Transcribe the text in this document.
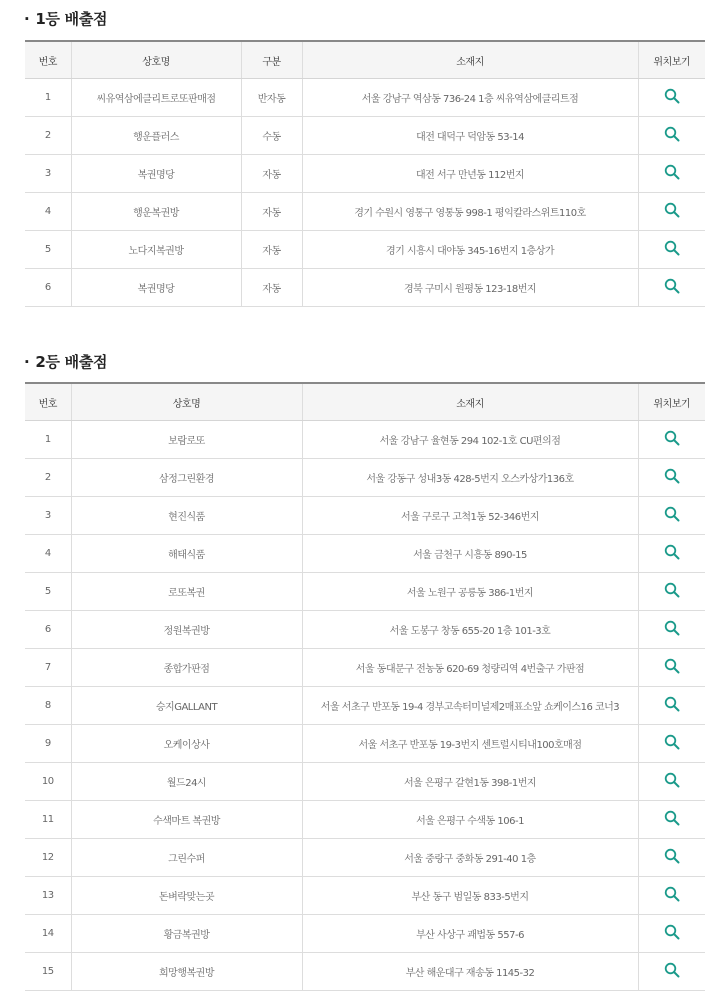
· 1등 배출점
번호	상호명	구분	소재지	위치보기
1	씨유역삼에클리트로또판매점	반자동	서울 강남구 역삼동 736-24 1층 씨유역삼에클리트점	
2	행운플러스	수동	대전 대덕구 덕암동 53-14	
3	복권명당	자동	대전 서구 만년동 112번지	
4	행운복권방	자동	경기 수원시 영통구 영통동 998-1 평익칼라스위트110호	
5	노다지복권방	자동	경기 시흥시 대야동 345-16번지 1층상가	
6	복권명당	자동	경북 구미시 원평동 123-18번지	
· 2등 배출점
번호	상호명	소재지	위치보기
1	보람로또	서울 강남구 율현동 294 102-1호 CU편의점	
2	삼정그린환경	서울 강동구 성내3동 428-5번지 오스카상가136호	
3	현진식품	서울 구로구 고척1동 52-346번지	
4	해태식품	서울 금천구 시흥동 890-15	
5	로또복권	서울 노원구 공릉동 386-1번지	
6	정원복권방	서울 도봉구 창동 655-20 1층 101-3호	
7	종합가판점	서울 동대문구 전농동 620-69 청량리역 4번출구 가판점	
8	승지GALLANT	서울 서초구 반포동 19-4 경부고속터미널제2매표소앞 쇼케이스16 코너3	
9	오케이상사	서울 서초구 반포동 19-3번지 센트럴시티내100호매점	
10	월드24시	서울 은평구 갈현1동 398-1번지	
11	수색마트 복권방	서울 은평구 수색동 106-1	
12	그린수퍼	서울 중랑구 중화동 291-40 1층	
13	돈벼락맞는곳	부산 동구 범일동 833-5번지	
14	황금복권방	부산 사상구 괘법동 557-6	
15	희망행복권방	부산 해운대구 재송동 1145-32	
